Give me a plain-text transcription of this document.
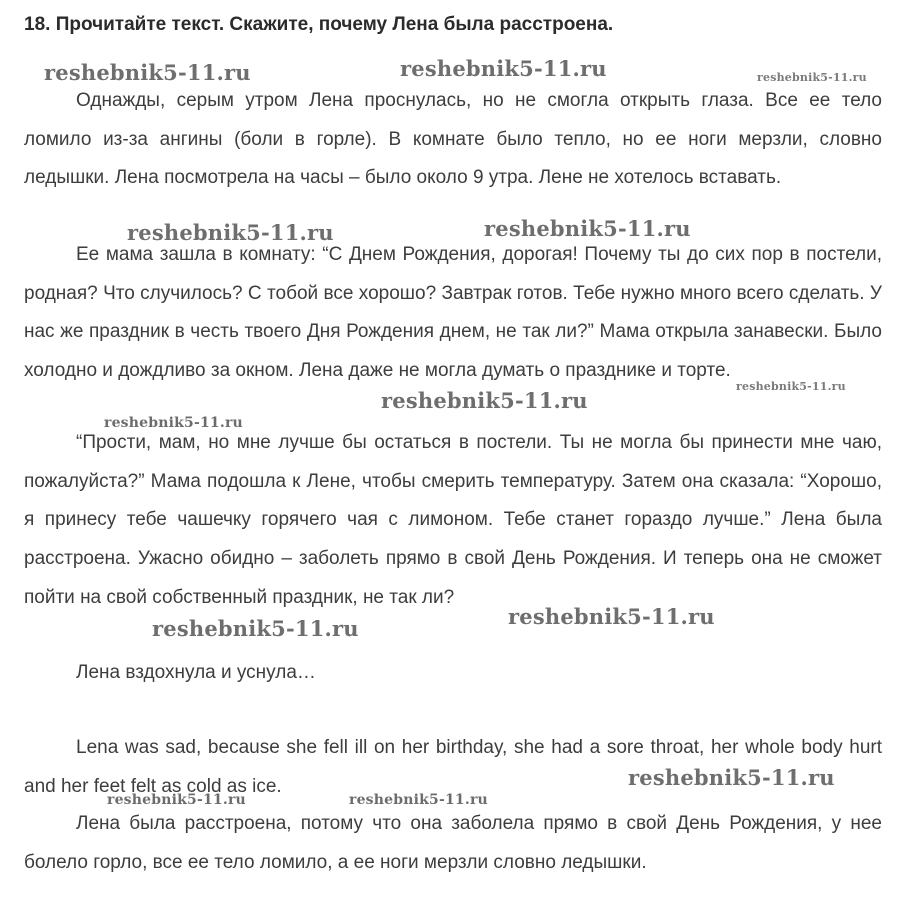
18. Прочитайте текст. Скажите, почему Лена была расстроена.

Однажды, серым утром Лена проснулась, но не смогла открыть глаза. Все ее тело ломило из-за ангины (боли в горле). В комнате было тепло, но ее ноги мерзли, словно ледышки. Лена посмотрела на часы – было около 9 утра. Лене не хотелось вставать.

Ее мама зашла в комнату: “С Днем Рождения, дорогая! Почему ты до сих пор в постели, родная? Что случилось? С тобой все хорошо? Завтрак готов. Тебе нужно много всего сделать. У нас же праздник в честь твоего Дня Рождения днем, не так ли?” Мама открыла занавески. Было холодно и дождливо за окном. Лена даже не могла думать о празднике и торте.

“Прости, мам, но мне лучше бы остаться в постели. Ты не могла бы принести мне чаю, пожалуйста?” Мама подошла к Лене, чтобы смерить температуру. Затем она сказала: “Хорошо, я принесу тебе чашечку горячего чая с лимоном. Тебе станет гораздо лучше.” Лена была расстроена. Ужасно обидно – заболеть прямо в свой День Рождения. И теперь она не сможет пойти на свой собственный праздник, не так ли?

Лена вздохнула и уснула…

Lena was sad, because she fell ill on her birthday, she had a sore throat, her whole body hurt and her feet felt as cold as ice.

Лена была расстроена, потому что она заболела прямо в свой День Рождения, у нее болело горло, все ее тело ломило, а ее ноги мерзли словно ледышки.

reshebnik5-11.ru	reshebnik5-11.ru	reshebnik5-11.ru
reshebnik5-11.ru	reshebnik5-11.ru
reshebnik5-11.ru
reshebnik5-11.ru
reshebnik5-11.ru
reshebnik5-11.ru	reshebnik5-11.ru
reshebnik5-11.ru
reshebnik5-11.ru	reshebnik5-11.ru
